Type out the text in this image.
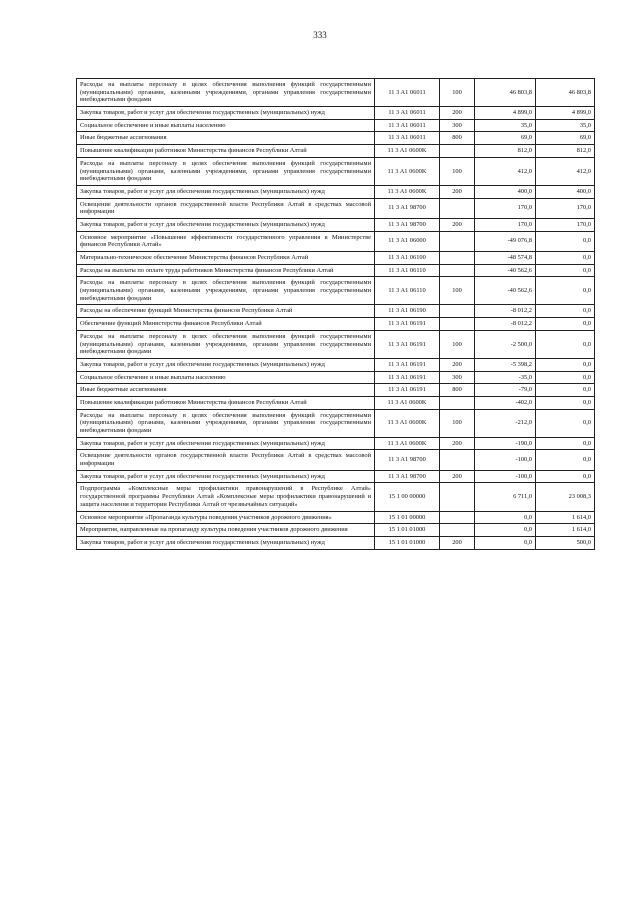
333
Расходы на выплаты персоналу в целях обеспечения выполнения функций государственными (муниципальными) органами, казенными учреждениями, органами управления государственными внебюджетными фондами	11 3 A1 06011	100	46 803,8	46 803,8
Закупка товаров, работ и услуг для обеспечения государственных (муниципальных) нужд	11 3 A1 06011	200	4 899,0	4 899,0
Социальное обеспечение и иные выплаты населению	11 3 A1 06011	300	35,0	35,0
Иные бюджетные ассигнования	11 3 A1 06011	800	69,0	69,0
Повышение квалификации работников Министерства финансов Республики Алтай	11 3 A1 0600K		812,0	812,0
Расходы на выплаты персоналу в целях обеспечения выполнения функций государственными (муниципальными) органами, казенными учреждениями, органами управления государственными внебюджетными фондами	11 3 A1 0600K	100	412,0	412,0
Закупка товаров, работ и услуг для обеспечения государственных (муниципальных) нужд	11 3 A1 0600K	200	400,0	400,0
Освещение деятельности органов государственной власти Республики Алтай в средствах массовой информации	11 3 A1 98700		170,0	170,0
Закупка товаров, работ и услуг для обеспечения государственных (муниципальных) нужд	11 3 A1 98700	200	170,0	170,0
Основное мероприятие «Повышение эффективности государственного управления в Министерстве финансов Республики Алтай»	11 3 A1 06000		-49 076,8	0,0
Материально-техническое обеспечение Министерства финансов Республики Алтай	11 3 A1 06100		-48 574,8	0,0
Расходы на выплаты по оплате труда работников Министерства финансов Республики Алтай	11 3 A1 06110		-40 562,6	0,0
Расходы на выплаты персоналу в целях обеспечения выполнения функций государственными (муниципальными) органами, казенными учреждениями, органами управления государственными внебюджетными фондами	11 3 A1 06110	100	-40 562,6	0,0
Расходы на обеспечение функций Министерства финансов Республики Алтай	11 3 A1 06190		-8 012,2	0,0
Обеспечение функций Министерства финансов Республики Алтай	11 3 A1 06191		-8 012,2	0,0
Расходы на выплаты персоналу в целях обеспечения выполнения функций государственными (муниципальными) органами, казенными учреждениями, органами управления государственными внебюджетными фондами	11 3 A1 06191	100	-2 500,0	0,0
Закупка товаров, работ и услуг для обеспечения государственных (муниципальных) нужд	11 3 A1 06191	200	-5 398,2	0,0
Социальное обеспечение и иные выплаты населению	11 3 A1 06191	300	-35,0	0,0
Иные бюджетные ассигнования	11 3 A1 06191	800	-79,0	0,0
Повышение квалификации работников Министерства финансов Республики Алтай	11 3 A1 0600K		-402,0	0,0
Расходы на выплаты персоналу в целях обеспечения выполнения функций государственными (муниципальными) органами, казенными учреждениями, органами управления государственными внебюджетными фондами	11 3 A1 0600K	100	-212,0	0,0
Закупка товаров, работ и услуг для обеспечения государственных (муниципальных) нужд	11 3 A1 0600K	200	-190,0	0,0
Освещение деятельности органов государственной власти Республики Алтай в средствах массовой информации	11 3 A1 98700		-100,0	0,0
Закупка товаров, работ и услуг для обеспечения государственных (муниципальных) нужд	11 3 A1 98700	200	-100,0	0,0
Подпрограмма «Комплексные меры профилактики правонарушений в Республике Алтай» государственной программы Республики Алтай «Комплексные меры профилактики правонарушений и защита населения и территории Республики Алтай от чрезвычайных ситуаций»	15 1 00 00000		6 711,0	23 008,3
Основное мероприятие «Пропаганда культуры поведения участников дорожного движения»	15 1 01 00000		0,0	1 614,0
Мероприятия, направленные на пропаганду культуры поведения участников дорожного движения	15 1 01 01000		0,0	1 614,0
Закупка товаров, работ и услуг для обеспечения государственных (муниципальных) нужд	15 1 01 01000	200	0,0	500,0
